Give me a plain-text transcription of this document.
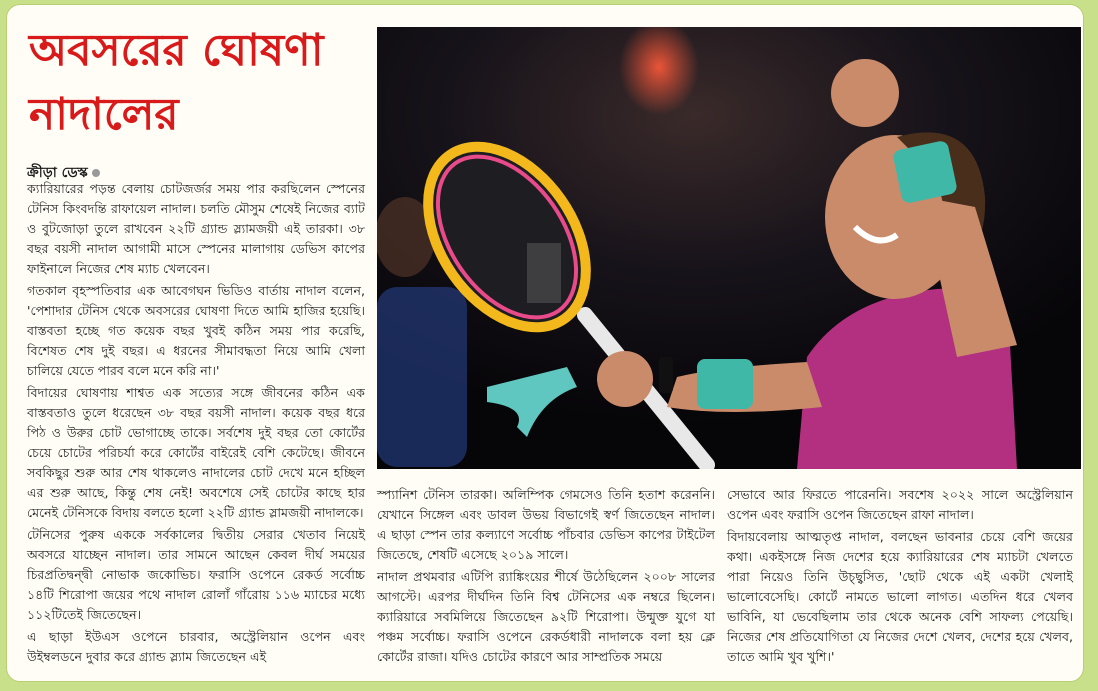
অবসরের ঘোষণা নাদালের
ক্রীড়া ডেস্ক

ক্যারিয়ারের পড়ন্ত বেলায় চোটজর্জর সময় পার করছিলেন স্পেনের টেনিস কিংবদন্তি রাফায়েল নাদাল। চলতি মৌসুম শেষেই নিজের ব্যাট ও বুটজোড়া তুলে রাখবেন ২২টি গ্র্যান্ড স্ল্যামজয়ী এই তারকা। ৩৮ বছর বয়সী নাদাল আগামী মাসে স্পেনের মালাগায় ডেভিস কাপের ফাইনালে নিজের শেষ ম্যাচ খেলবেন।

গতকাল বৃহস্পতিবার এক আবেগঘন ভিডিও বার্তায় নাদাল বলেন, 'পেশাদার টেনিস থেকে অবসরের ঘোষণা দিতে আমি হাজির হয়েছি। বাস্তবতা হচ্ছে গত কয়েক বছর খুবই কঠিন সময় পার করেছি, বিশেষত শেষ দুই বছর। এ ধরনের সীমাবদ্ধতা নিয়ে আমি খেলা চালিয়ে যেতে পারব বলে মনে করি না।'

বিদায়ের ঘোষণায় শাশ্বত এক সত্যের সঙ্গে জীবনের কঠিন এক বাস্তবতাও তুলে ধরেছেন ৩৮ বছর বয়সী নাদাল। কয়েক বছর ধরে পিঠ ও উরুর চোট ভোগাচ্ছে তাকে। সর্বশেষ দুই বছর তো কোর্টের চেয়ে চোটের পরিচর্যা করে কোর্টের বাইরেই বেশি কেটেছে। জীবনে সবকিছুর শুরু আর শেষ থাকলেও নাদালের চোট দেখে মনে হচ্ছিল এর শুরু আছে, কিন্তু শেষ নেই! অবশেষে সেই চোটের কাছে হার মেনেই টেনিসকে বিদায় বলতে হলো ২২টি গ্র্যান্ড স্লামজয়ী নাদালকে।

টেনিসের পুরুষ এককে সর্বকালের দ্বিতীয় সেরার খেতাব নিয়েই অবসরে যাচ্ছেন নাদাল। তার সামনে আছেন কেবল দীর্ঘ সময়ের চিরপ্রতিদ্বন্দ্বী নোভাক জকোভিচ। ফরাসি ওপেনে রেকর্ড সর্বোচ্চ ১৪টি শিরোপা জয়ের পথে নাদাল রোলাঁ গাঁরোয় ১১৬ ম্যাচের মধ্যে ১১২টিতেই জিতেছেন।

এ ছাড়া ইউএস ওপেনে চারবার, অস্ট্রেলিয়ান ওপেন এবং উইম্বলডনে দুবার করে গ্র্যান্ড স্ল্যাম জিতেছেন এই

স্প্যানিশ টেনিস তারকা। অলিম্পিক গেমসেও তিনি হতাশ করেননি। যেখানে সিঙ্গেল এবং ডাবল উভয় বিভাগেই স্বর্ণ জিতেছেন নাদাল। এ ছাড়া স্পেন তার কল্যাণে সর্বোচ্চ পাঁচবার ডেভিস কাপের টাইটেল জিতেছে, শেষটি এসেছে ২০১৯ সালে।

নাদাল প্রথমবার এটিপি র‍্যাঙ্কিংয়ের শীর্ষে উঠেছিলেন ২০০৮ সালের আগস্টে। এরপর দীর্ঘদিন তিনি বিশ্ব টেনিসের এক নম্বরে ছিলেন। ক্যারিয়ারে সবমিলিয়ে জিতেছেন ৯২টি শিরোপা। উন্মুক্ত যুগে যা পঞ্চম সর্বোচ্চ। ফরাসি ওপেনে রেকর্ডধারী নাদালকে বলা হয় ক্লে কোর্টের রাজা। যদিও চোটের কারণে আর সাম্প্রতিক সময়ে

সেভাবে আর ফিরতে পারেননি। সবশেষ ২০২২ সালে অস্ট্রেলিয়ান ওপেন এবং ফরাসি ওপেন জিতেছেন রাফা নাদাল।

বিদায়বেলায় আত্মতৃপ্ত নাদাল, বলছেন ভাবনার চেয়ে বেশি জয়ের কথা। একইসঙ্গে নিজ দেশের হয়ে ক্যারিয়ারের শেষ ম্যাচটা খেলতে পারা নিয়েও তিনি উচ্ছ্বসিত, 'ছোট থেকে এই একটা খেলাই ভালোবেসেছি। কোর্টে নামতে ভালো লাগত। এতদিন ধরে খেলব ভাবিনি, যা ভেবেছিলাম তার থেকে অনেক বেশি সাফল্য পেয়েছি। নিজের শেষ প্রতিযোগিতা যে নিজের দেশে খেলব, দেশের হয়ে খেলব, তাতে আমি খুব খুশি।'
